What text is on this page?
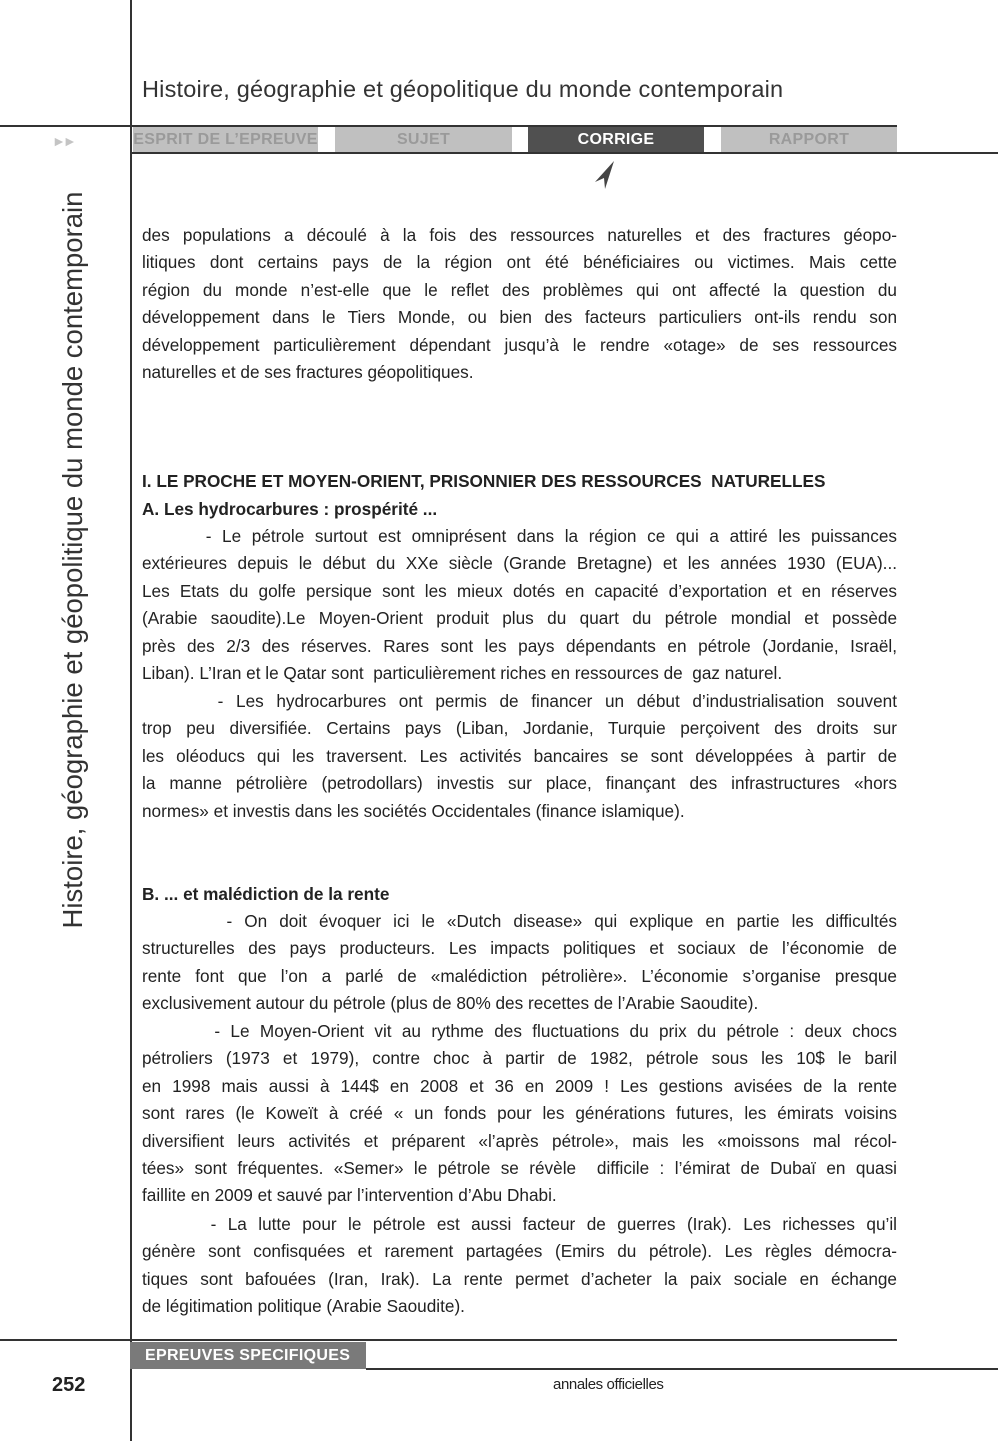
Histoire, géographie et géopolitique du monde contemporain
►►	ESPRIT DE L’EPREUVE	SUJET	CORRIGE	RAPPORT
Histoire, géographie et géopolitique du monde contemporain	des populations a découlé à la fois des ressources naturelles et des fractures géopo-
litiques dont certains pays de la région ont été bénéficiaires ou victimes. Mais cette
région du monde n’est-elle que le reflet des problèmes qui ont affecté la question du
développement dans le Tiers Monde, ou bien des facteurs particuliers ont-ils rendu son
développement particulièrement dépendant jusqu’à le rendre «otage» de ses ressources
naturelles et de ses fractures géopolitiques.
I. LE PROCHE ET MOYEN-ORIENT, PRISONNIER DES RESSOURCES  NATURELLES
A. Les hydrocarbures : prospérité ...
- Le pétrole surtout est omniprésent dans la région ce qui a attiré les puissances
extérieures depuis le début du XXe siècle (Grande Bretagne) et les années 1930 (EUA)...
Les Etats du golfe persique sont les mieux dotés en capacité d’exportation et en réserves
(Arabie saoudite).Le Moyen-Orient produit plus du quart du pétrole mondial et possède
près des 2/3 des réserves. Rares sont les pays dépendants en pétrole (Jordanie, Israël,
Liban). L’Iran et le Qatar sont  particulièrement riches en ressources de  gaz naturel.
- Les hydrocarbures ont permis de financer un début d’industrialisation souvent
trop peu diversifiée. Certains pays (Liban, Jordanie, Turquie perçoivent des droits sur
les oléoducs qui les traversent. Les activités bancaires se sont développées à partir de
la manne pétrolière (petrodollars) investis sur place, finançant des infrastructures «hors
normes» et investis dans les sociétés Occidentales (finance islamique).
B. ... et malédiction de la rente
- On doit évoquer ici le «Dutch disease» qui explique en partie les difficultés
structurelles des pays producteurs. Les impacts politiques et sociaux de l’économie de
rente font que l’on a parlé de «malédiction pétrolière». L’économie s’organise presque
exclusivement autour du pétrole (plus de 80% des recettes de l’Arabie Saoudite).
- Le Moyen-Orient vit au rythme des fluctuations du prix du pétrole : deux chocs
pétroliers (1973 et 1979), contre choc à partir de 1982, pétrole sous les 10$ le baril
en 1998 mais aussi à 144$ en 2008 et 36 en 2009 ! Les gestions avisées de la rente
sont rares (le Koweït à créé « un fonds pour les générations futures, les émirats voisins
diversifient leurs activités et préparent «l’après pétrole», mais les «moissons mal récol-
tées» sont fréquentes. «Semer» le pétrole se révèle  difficile : l’émirat de Dubaï en quasi
faillite en 2009 et sauvé par l’intervention d’Abu Dhabi.
- La lutte pour le pétrole est aussi facteur de guerres (Irak). Les richesses qu’il
génère sont confisquées et rarement partagées (Emirs du pétrole). Les règles démocra-
tiques sont bafouées (Iran, Irak). La rente permet d’acheter la paix sociale en échange
de légitimation politique (Arabie Saoudite).
EPREUVES SPECIFIQUES
252	annales officielles
